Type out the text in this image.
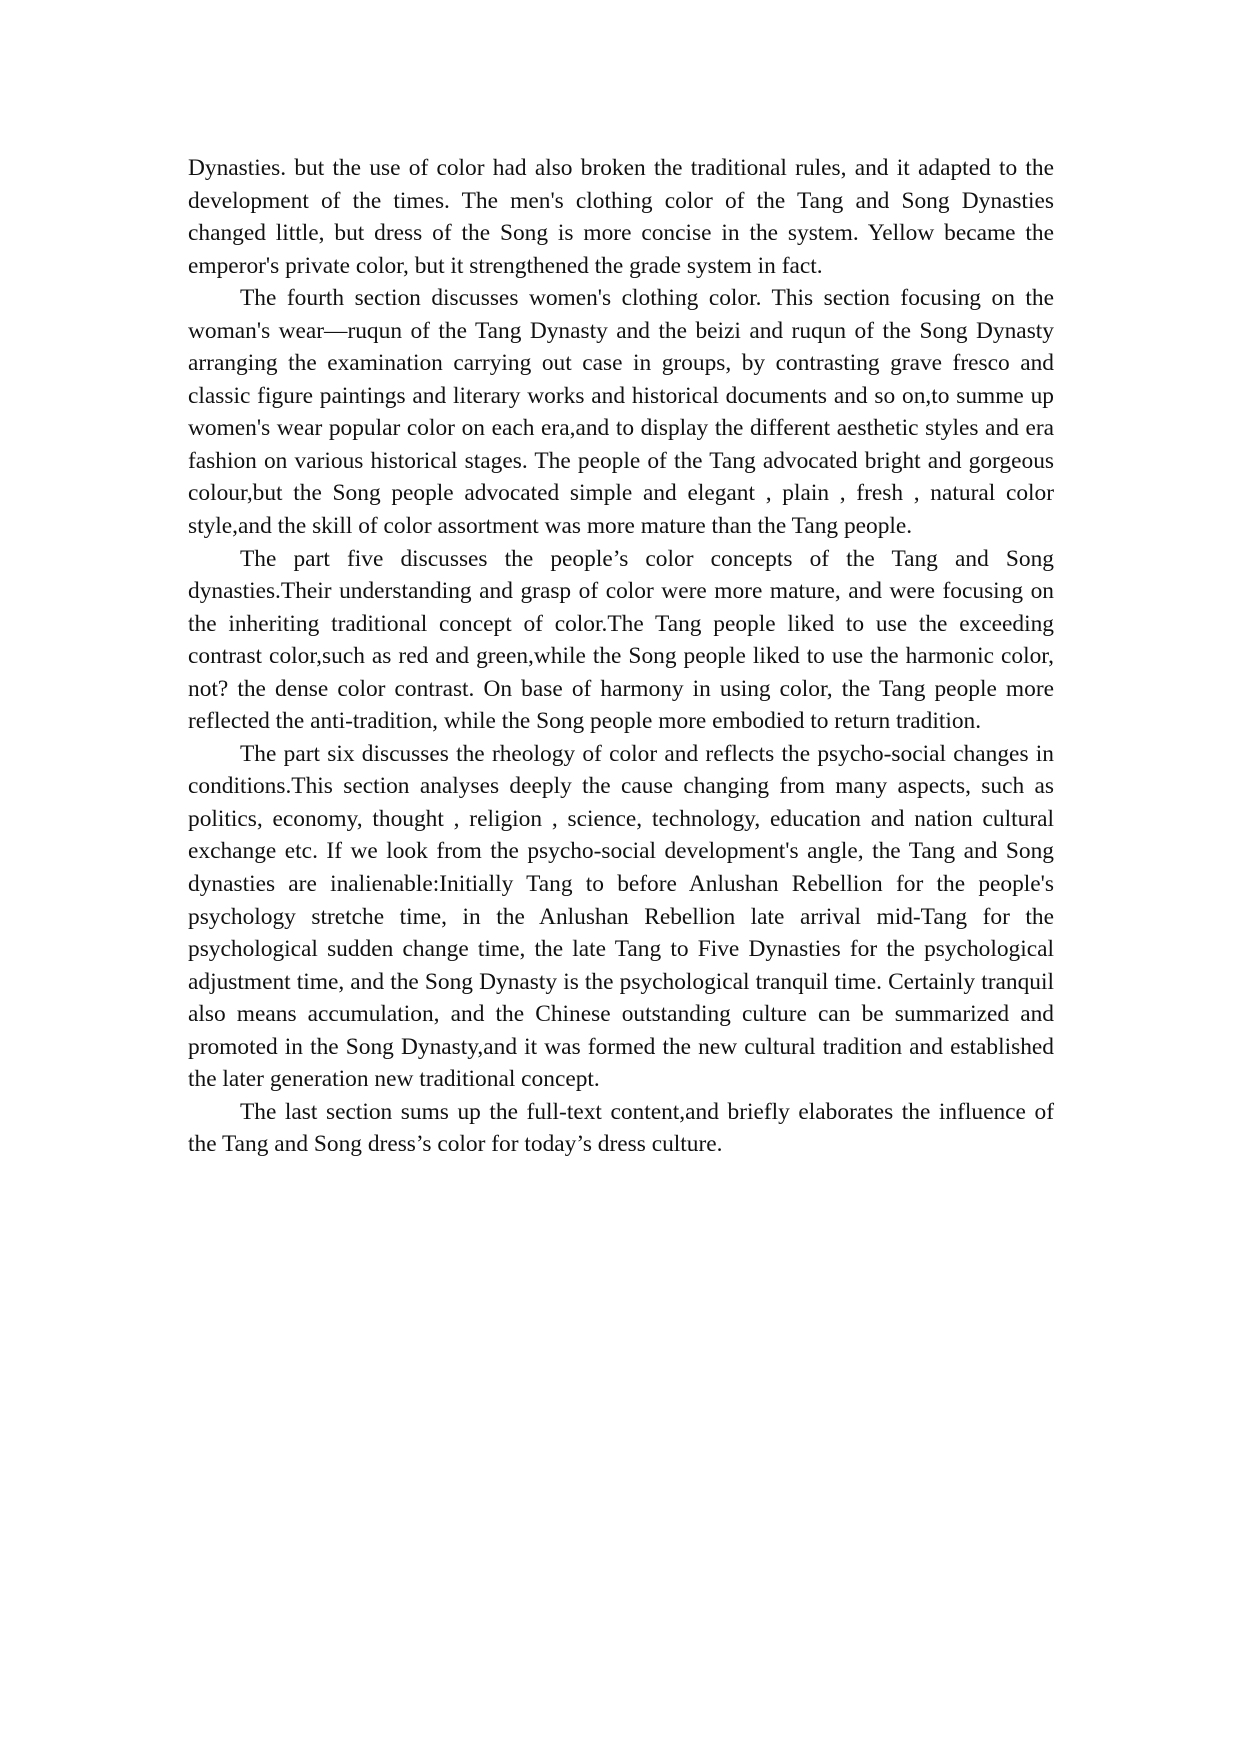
Dynasties. but the use of color had also broken the traditional rules, and it adapted to the development of the times. The men's clothing color of the Tang and Song Dynasties changed little, but dress of the Song is more concise in the system. Yellow became the emperor's private color, but it strengthened the grade system in fact.

The fourth section discusses women's clothing color. This section focusing on the woman's wear—ruqun of the Tang Dynasty and the beizi and ruqun of the Song Dynasty arranging the examination carrying out case in groups, by contrasting grave fresco and classic figure paintings and literary works and historical documents and so on,to summe up women's wear popular color on each era,and to display the different aesthetic styles and era fashion on various historical stages. The people of the Tang advocated bright and gorgeous colour,but the Song people advocated simple and elegant , plain , fresh , natural color style,and the skill of color assortment was more mature than the Tang people.

The part five discusses the people’s color concepts of the Tang and Song dynasties.Their understanding and grasp of color were more mature, and were focusing on the inheriting traditional concept of color.The Tang people liked to use the exceeding contrast color,such as red and green,while the Song people liked to use the harmonic color, not? the dense color contrast. On base of harmony in using color, the Tang people more reflected the anti-tradition, while the Song people more embodied to return tradition.

The part six discusses the rheology of color and reflects the psycho-social changes in conditions.This section analyses deeply the cause changing from many aspects, such as politics, economy, thought , religion , science, technology, education and nation cultural exchange etc. If we look from the psycho-social development's angle, the Tang and Song dynasties are inalienable:Initially Tang to before Anlushan Rebellion for the people's psychology stretche time, in the Anlushan Rebellion late arrival mid-Tang for the psychological sudden change time, the late Tang to Five Dynasties for the psychological adjustment time, and the Song Dynasty is the psychological tranquil time. Certainly tranquil also means accumulation, and the Chinese outstanding culture can be summarized and promoted in the Song Dynasty,and it was formed the new cultural tradition and established the later generation new traditional concept.

The last section sums up the full-text content,and briefly elaborates the influence of the Tang and Song dress’s color for today’s dress culture.
